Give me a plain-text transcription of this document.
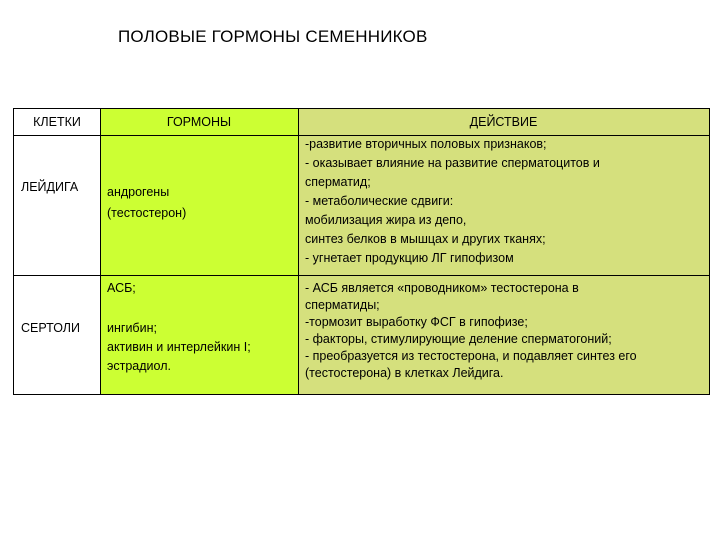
ПОЛОВЫЕ ГОРМОНЫ СЕМЕННИКОВ
КЛЕТКИ	ГОРМОНЫ	ДЕЙСТВИЕ
ЛЕЙДИГА андрогены
(тестостерон)
-развитие вторичных половых признаков;
- оказывает влияние на развитие сперматоцитов и
сперматид;
- метаболические сдвиги:
мобилизация жира из депо,
синтез белков в мышцах и других тканях;
- угнетает продукцию ЛГ гипофизом
СЕРТОЛИ
АСБ;
ингибин;
активин и интерлейкин I;
эстрадиол.
- АСБ является «проводником» тестостерона в
сперматиды;
-тормозит выработку ФСГ в гипофизе;
- факторы, стимулирующие деление сперматогоний;
- преобразуется из тестостерона, и подавляет синтез его
(тестостерона) в клетках Лейдига.
